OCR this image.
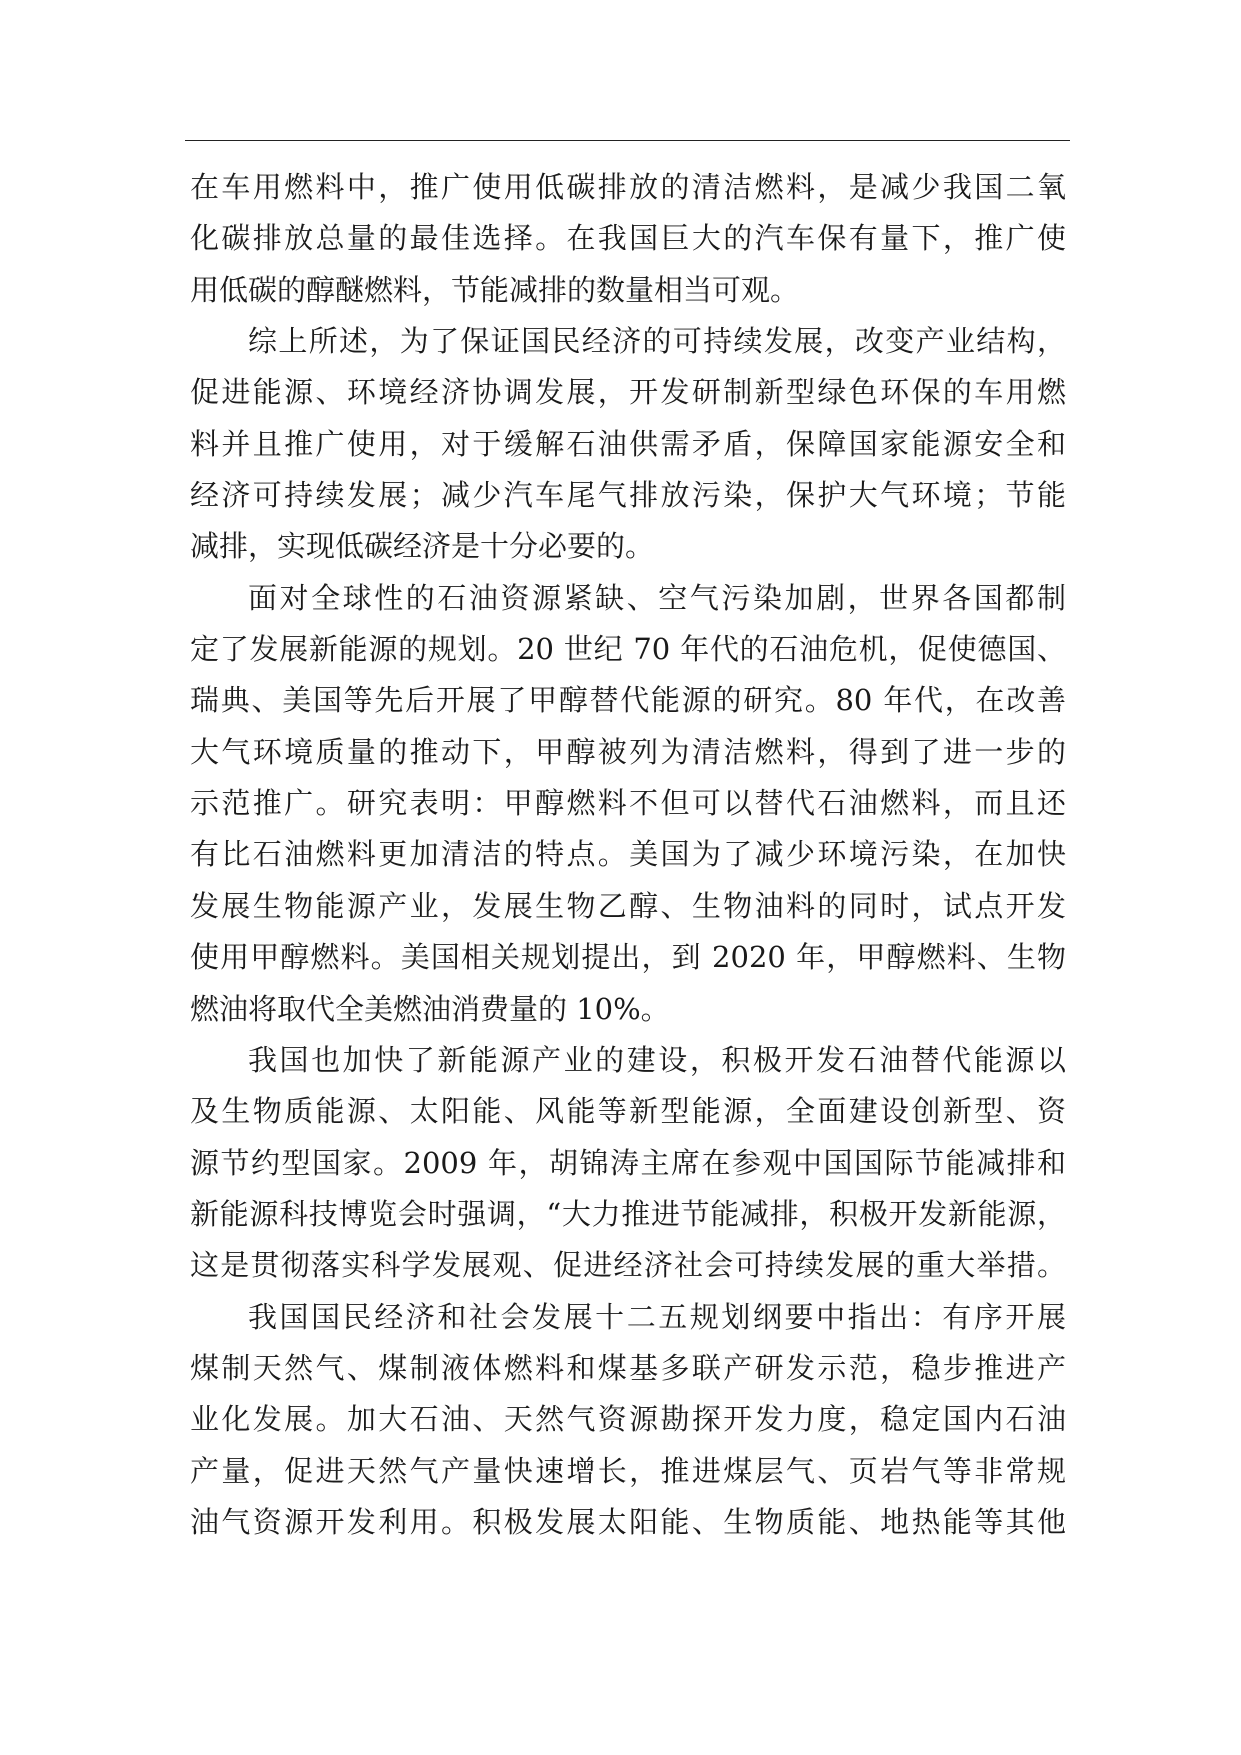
在车用燃料中，推广使用低碳排放的清洁燃料，是减少我国二氧
化碳排放总量的最佳选择。在我国巨大的汽车保有量下，推广使
用低碳的醇醚燃料，节能减排的数量相当可观。
综上所述，为了保证国民经济的可持续发展，改变产业结构，
促进能源、环境经济协调发展，开发研制新型绿色环保的车用燃
料并且推广使用，对于缓解石油供需矛盾，保障国家能源安全和
经济可持续发展；减少汽车尾气排放污染，保护大气环境；节能
减排，实现低碳经济是十分必要的。
面对全球性的石油资源紧缺、空气污染加剧，世界各国都制
定了发展新能源的规划。20 世纪 70 年代的石油危机，促使德国、
瑞典、美国等先后开展了甲醇替代能源的研究。80 年代，在改善
大气环境质量的推动下，甲醇被列为清洁燃料，得到了进一步的
示范推广。研究表明：甲醇燃料不但可以替代石油燃料，而且还
有比石油燃料更加清洁的特点。美国为了减少环境污染，在加快
发展生物能源产业，发展生物乙醇、生物油料的同时，试点开发
使用甲醇燃料。美国相关规划提出，到 2020 年，甲醇燃料、生物
燃油将取代全美燃油消费量的 10%。
我国也加快了新能源产业的建设，积极开发石油替代能源以
及生物质能源、太阳能、风能等新型能源，全面建设创新型、资
源节约型国家。2009 年，胡锦涛主席在参观中国国际节能减排和
新能源科技博览会时强调，“大力推进节能减排，积极开发新能源，
这是贯彻落实科学发展观、促进经济社会可持续发展的重大举措。
我国国民经济和社会发展十二五规划纲要中指出：有序开展
煤制天然气、煤制液体燃料和煤基多联产研发示范，稳步推进产
业化发展。加大石油、天然气资源勘探开发力度，稳定国内石油
产量，促进天然气产量快速增长，推进煤层气、页岩气等非常规
油气资源开发利用。积极发展太阳能、生物质能、地热能等其他
